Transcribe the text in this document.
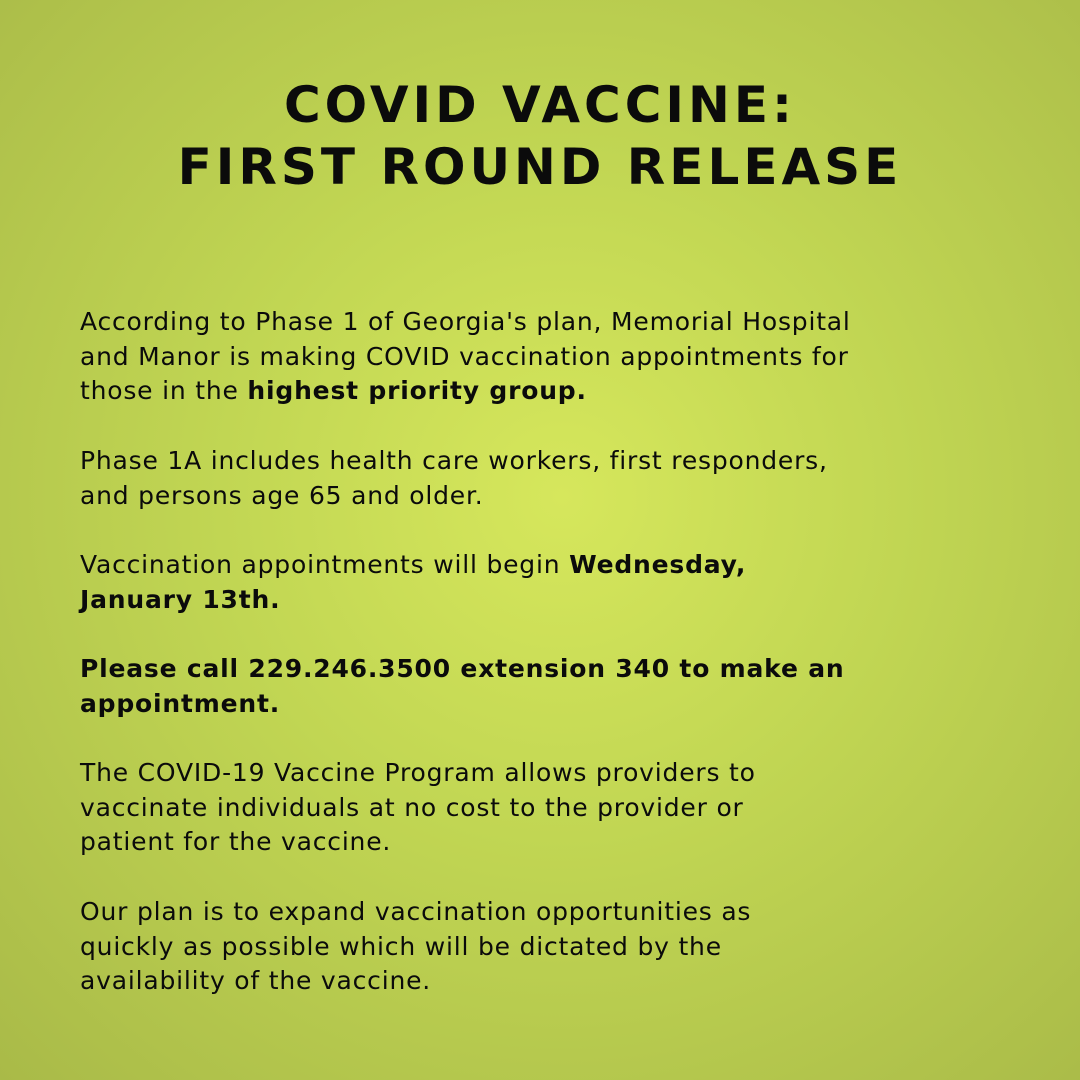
COVID VACCINE:
FIRST ROUND RELEASE

According to Phase 1 of Georgia's plan, Memorial Hospital
and Manor is making COVID vaccination appointments for
those in the highest priority group.

Phase 1A includes health care workers, first responders,
and persons age 65 and older.

Vaccination appointments will begin Wednesday,
January 13th.

Please call 229.246.3500 extension 340 to make an
appointment.

The COVID-19 Vaccine Program allows providers to
vaccinate individuals at no cost to the provider or
patient for the vaccine.

Our plan is to expand vaccination opportunities as
quickly as possible which will be dictated by the
availability of the vaccine.
